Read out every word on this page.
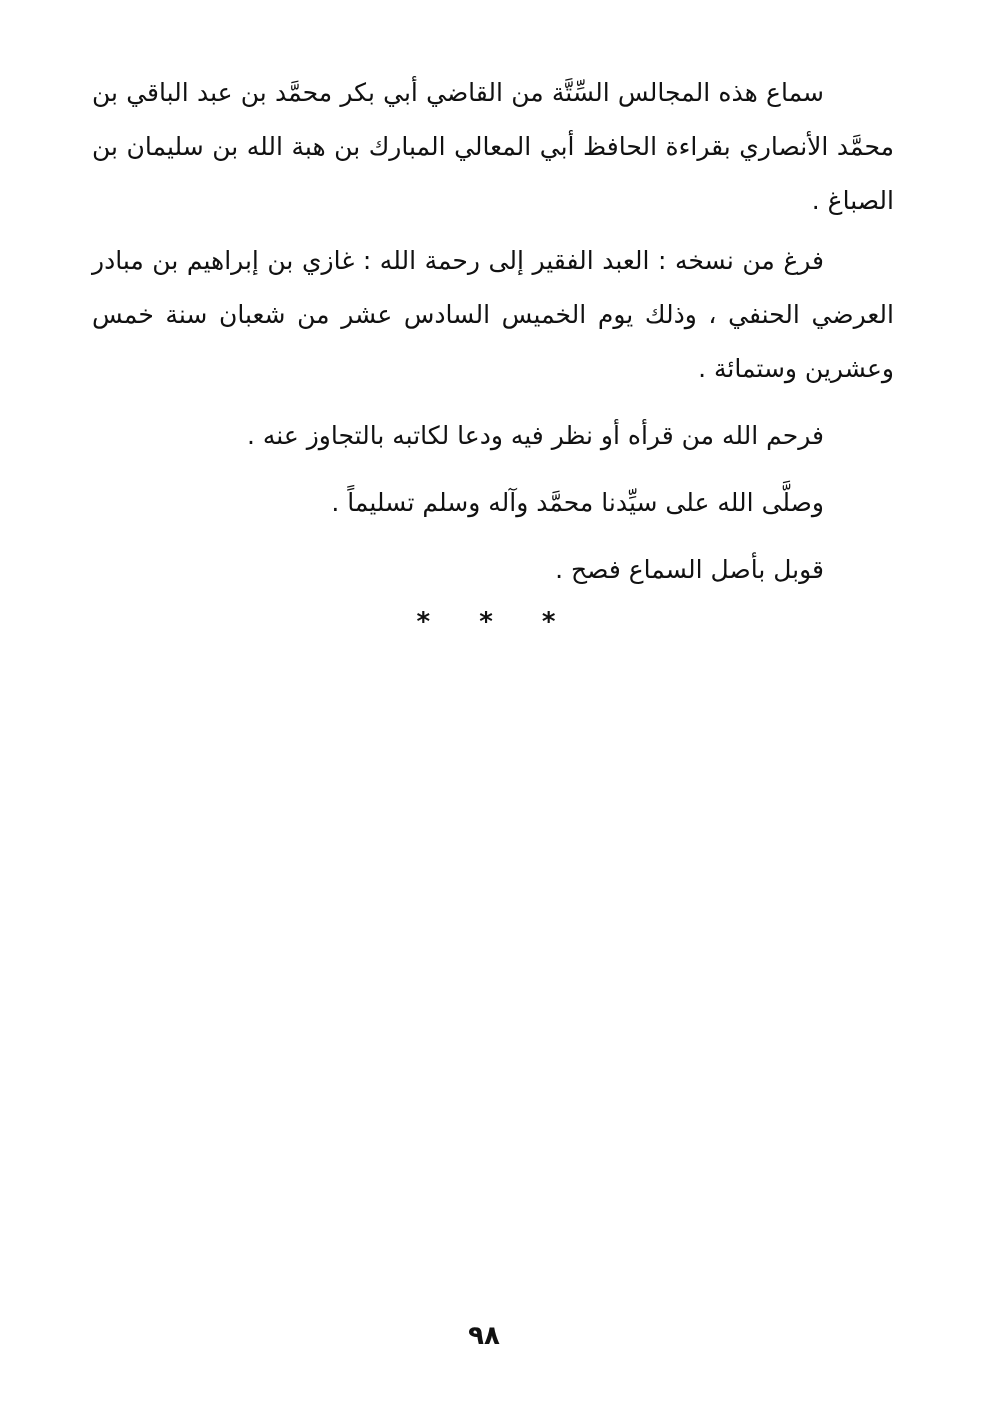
سماع هذه المجالس السِّتَّة من القاضي أبي بكر محمَّد بن عبد الباقي بن محمَّد الأنصاري بقراءة الحافظ أبي المعالي المبارك بن هبة الله بن سليمان بن الصباغ .

فرغ من نسخه : العبد الفقير إلى رحمة الله : غازي بن إبراهيم بن مبادر العرضي الحنفي ، وذلك يوم الخميس السادس عشر من شعبان سنة خمس وعشرين وستمائة .

فرحم الله من قرأه أو نظر فيه ودعا لكاتبه بالتجاوز عنه .

وصلَّى الله على سيِّدنا محمَّد وآله وسلم تسليماً .

قوبل بأصل السماع فصح .

* * *
٩٨
